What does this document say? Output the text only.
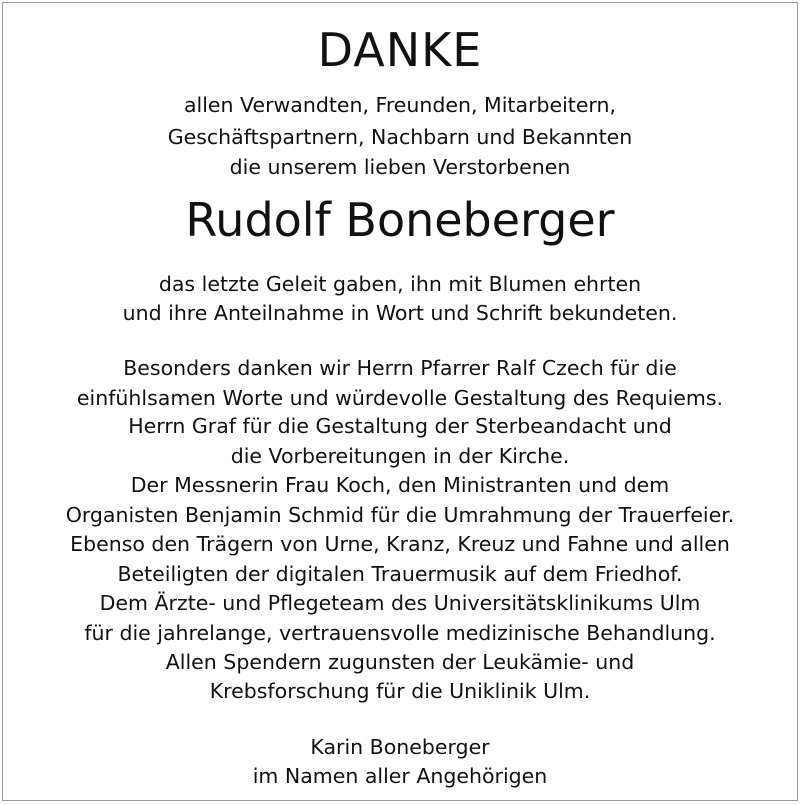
DANKE
allen Verwandten, Freunden, Mitarbeitern,
Geschäftspartnern, Nachbarn und Bekannten
die unserem lieben Verstorbenen
Rudolf Boneberger
das letzte Geleit gaben, ihn mit Blumen ehrten
und ihre Anteilnahme in Wort und Schrift bekundeten.
Besonders danken wir Herrn Pfarrer Ralf Czech für die
einfühlsamen Worte und würdevolle Gestaltung des Requiems.
Herrn Graf für die Gestaltung der Sterbeandacht und
die Vorbereitungen in der Kirche.
Der Messnerin Frau Koch, den Ministranten und dem
Organisten Benjamin Schmid für die Umrahmung der Trauerfeier.
Ebenso den Trägern von Urne, Kranz, Kreuz und Fahne und allen
Beteiligten der digitalen Trauermusik auf dem Friedhof.
Dem Ärzte- und Pflegeteam des Universitätsklinikums Ulm
für die jahrelange, vertrauensvolle medizinische Behandlung.
Allen Spendern zugunsten der Leukämie- und
Krebsforschung für die Uniklinik Ulm.
Karin Boneberger
im Namen aller Angehörigen
